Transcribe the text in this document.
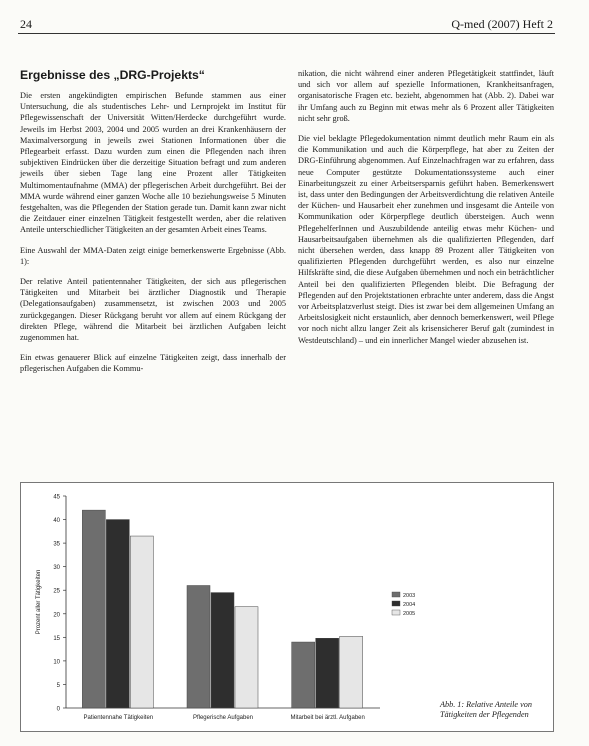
24	Q-med (2007) Heft 2
Ergebnisse des „DRG-Projekts“

Die ersten angekündigten empirischen Befunde stammen aus einer Untersuchung, die als studentisches Lehr- und Lernprojekt im Institut für Pflegewissenschaft der Universität Witten/Herdecke durchgeführt wurde. Jeweils im Herbst 2003, 2004 und 2005 wurden an drei Krankenhäusern der Maximalversorgung in jeweils zwei Stationen Informationen über die Pflegearbeit erfasst. Dazu wurden zum einen die Pflegenden nach ihren subjektiven Eindrücken über die derzeitige Situation befragt und zum anderen jeweils über sieben Tage lang eine Prozent aller Tätigkeiten Multimomentaufnahme (MMA) der pflegerischen Arbeit durchgeführt. Bei der MMA wurde während einer ganzen Woche alle 10 beziehungsweise 5 Minuten festgehalten, was die Pflegenden der Station gerade tun. Damit kann zwar nicht die Zeitdauer einer einzelnen Tätigkeit festgestellt werden, aber die relativen Anteile unterschiedlicher Tätigkeiten an der gesamten Arbeit eines Teams.

Eine Auswahl der MMA-Daten zeigt einige bemerkenswerte Ergebnisse (Abb. 1):

Der relative Anteil patientennaher Tätigkeiten, der sich aus pflegerischen Tätigkeiten und Mitarbeit bei ärztlicher Diagnostik und Therapie (Delegationsaufgaben) zusammensetzt, ist zwischen 2003 und 2005 zurückgegangen. Dieser Rückgang beruht vor allem auf einem Rückgang der direkten Pflege, während die Mitarbeit bei ärztlichen Aufgaben leicht zugenommen hat.

Ein etwas genauerer Blick auf einzelne Tätigkeiten zeigt, dass innerhalb der pflegerischen Aufgaben die Kommu-

nikation, die nicht während einer anderen Pflegetätigkeit stattfindet, läuft und sich vor allem auf spezielle Informationen, Krankheitsanfragen, organisatorische Fragen etc. bezieht, abgenommen hat (Abb. 2). Dabei war ihr Umfang auch zu Beginn mit etwas mehr als 6 Prozent aller Tätigkeiten nicht sehr groß.

Die viel beklagte Pflegedokumentation nimmt deutlich mehr Raum ein als die Kommunikation und auch die Körperpflege, hat aber zu Zeiten der DRG-Einführung abgenommen. Auf Einzelnachfragen war zu erfahren, dass neue Computer gestützte Dokumentationssysteme auch einer Einarbeitungszeit zu einer Arbeitsersparnis geführt haben. Bemerkenswert ist, dass unter den Bedingungen der Arbeitsverdichtung die relativen Anteile der Küchen- und Hausarbeit eher zunehmen und insgesamt die Anteile von Kommunikation oder Körperpflege deutlich übersteigen. Auch wenn PflegehelferInnen und Auszubildende anteilig etwas mehr Küchen- und Hausarbeitsaufgaben übernehmen als die qualifizierten Pflegenden, darf nicht übersehen werden, dass knapp 89 Prozent aller Tätigkeiten von qualifizierten Pflegenden durchgeführt werden, es also nur einzelne Hilfskräfte sind, die diese Aufgaben übernehmen und noch ein beträchtlicher Anteil bei den qualifizierten Pflegenden bleibt. Die Befragung der Pflegenden auf den Projektstationen erbrachte unter anderem, dass die Angst vor Arbeitsplatzverlust steigt. Dies ist zwar bei dem allgemeinen Umfang an Arbeitslosigkeit nicht erstaunlich, aber dennoch bemerkenswert, weil Pflege vor noch nicht allzu langer Zeit als krisensicherer Beruf galt (zumindest in Westdeutschland) – und ein innerlicher Mangel wieder abzusehen ist.

0
5
10
15
20
25
30
35
40
45
Prozent aller Tätigkeiten
Patientennahe Tätigkeiten	Pflegerische Aufgaben	Mitarbeit bei ärztl. Aufgaben
2003
2004
2005
Abb. 1: Relative Anteile von Tätigkeiten der Pflegenden
